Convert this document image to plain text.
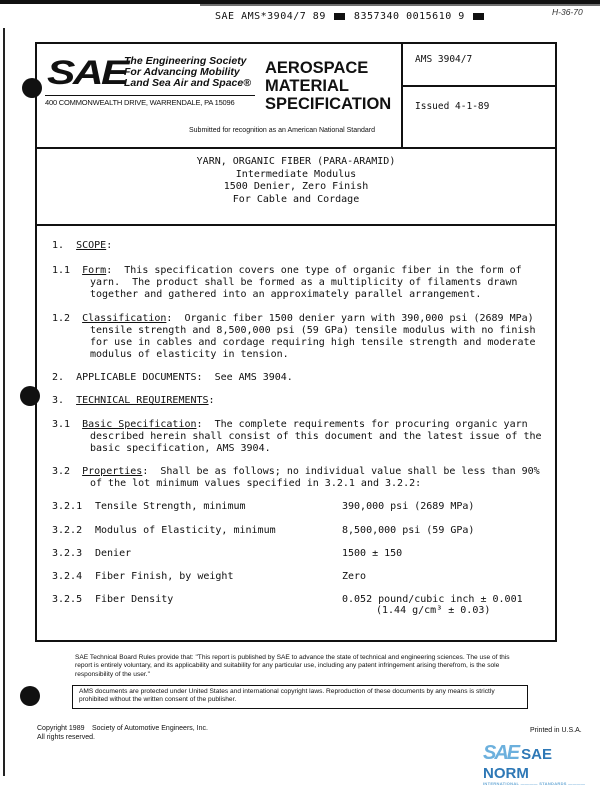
SAE AMS*3904/7 89	8357340 0015610 9	H-36-70
SAE
The Engineering Society
For Advancing Mobility
Land Sea Air and Space®
400 COMMONWEALTH DRIVE, WARRENDALE, PA 15096
AEROSPACE
MATERIAL
SPECIFICATION
Submitted for recognition as an American National Standard
AMS 3904/7
Issued 4-1-89
YARN, ORGANIC FIBER (PARA-ARAMID)
Intermediate Modulus
1500 Denier, Zero Finish
For Cable and Cordage
1. SCOPE:
1.1 Form:  This specification covers one type of organic fiber in the form of
yarn.  The product shall be formed as a multiplicity of filaments drawn
together and gathered into an approximately parallel arrangement.
1.2 Classification:  Organic fiber 1500 denier yarn with 390,000 psi (2689 MPa)
tensile strength and 8,500,000 psi (59 GPa) tensile modulus with no finish
for use in cables and cordage requiring high tensile strength and moderate
modulus of elasticity in tension.
2. APPLICABLE DOCUMENTS:  See AMS 3904.
3. TECHNICAL REQUIREMENTS:
3.1 Basic Specification:  The complete requirements for procuring organic yarn
described herein shall consist of this document and the latest issue of the
basic specification, AMS 3904.
3.2 Properties:  Shall be as follows; no individual value shall be less than 90%
of the lot minimum values specified in 3.2.1 and 3.2.2:
3.2.1 Tensile Strength, minimum	390,000 psi (2689 MPa)
3.2.2 Modulus of Elasticity, minimum	8,500,000 psi (59 GPa)
3.2.3 Denier	1500 ± 150
3.2.4 Fiber Finish, by weight	Zero
3.2.5 Fiber Density	0.052 pound/cubic inch ± 0.001
(1.44 g/cm³ ± 0.03)
SAE Technical Board Rules provide that: "This report is published by SAE to advance the state of technical and engineering sciences. The use of this report is entirely voluntary, and its applicability and suitability for any particular use, including any patent infringement arising therefrom, is the sole responsibility of the user."
AMS documents are protected under United States and international copyright laws. Reproduction of these documents by any means is strictly prohibited without the written consent of the publisher.
Copyright 1989
All rights reserved.
Society of Automotive Engineers, Inc.	Printed in U.S.A.
SAE SAE NORM
INTERNATIONAL ———— STANDARDS ————
